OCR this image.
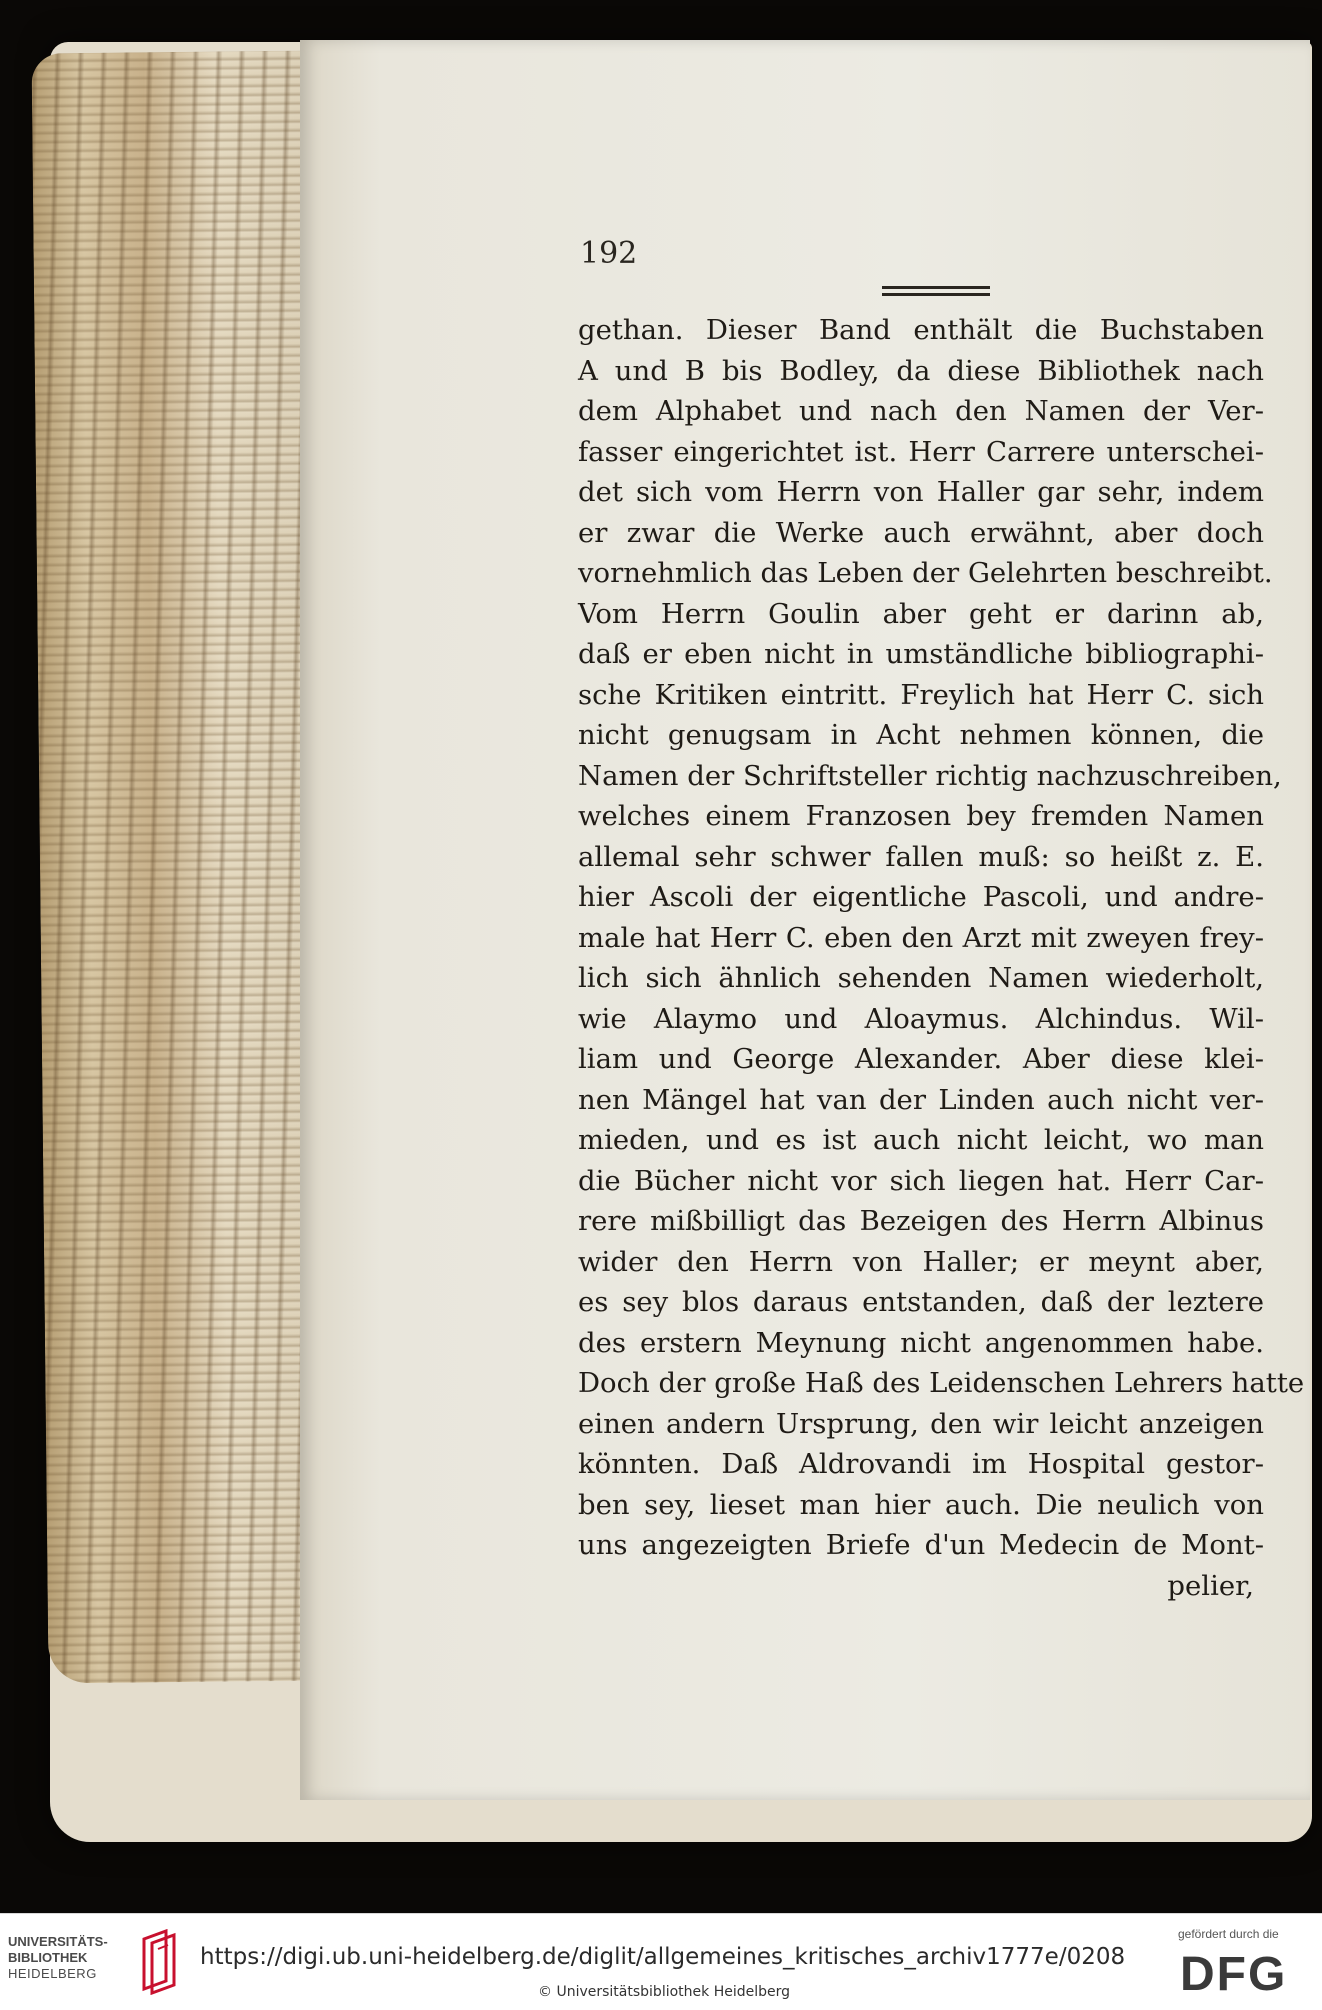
192
gethan. Dieser Band enthält die Buchstaben
A und B bis Bodley, da diese Bibliothek nach
dem Alphabet und nach den Namen der Ver-
fasser eingerichtet ist. Herr Carrere unterschei-
det sich vom Herrn von Haller gar sehr, indem
er zwar die Werke auch erwähnt, aber doch
vornehmlich das Leben der Gelehrten beschreibt.
Vom Herrn Goulin aber geht er darinn ab,
daß er eben nicht in umständliche bibliographi-
sche Kritiken eintritt. Freylich hat Herr C. sich
nicht genugsam in Acht nehmen können, die
Namen der Schriftsteller richtig nachzuschreiben,
welches einem Franzosen bey fremden Namen
allemal sehr schwer fallen muß: so heißt z. E.
hier Ascoli der eigentliche Pascoli, und andre-
male hat Herr C. eben den Arzt mit zweyen frey-
lich sich ähnlich sehenden Namen wiederholt,
wie Alaymo und Aloaymus. Alchindus. Wil-
liam und George Alexander. Aber diese klei-
nen Mängel hat van der Linden auch nicht ver-
mieden, und es ist auch nicht leicht, wo man
die Bücher nicht vor sich liegen hat. Herr Car-
rere mißbilligt das Bezeigen des Herrn Albinus
wider den Herrn von Haller; er meynt aber,
es sey blos daraus entstanden, daß der leztere
des erstern Meynung nicht angenommen habe.
Doch der große Haß des Leidenschen Lehrers hatte
einen andern Ursprung, den wir leicht anzeigen
könnten. Daß Aldrovandi im Hospital gestor-
ben sey, lieset man hier auch. Die neulich von
uns angezeigten Briefe d'un Medecin de Mont-
pelier,
UNIVERSITÄTS-
BIBLIOTHEK
HEIDELBERG

https://digi.ub.uni-heidelberg.de/diglit/allgemeines_kritisches_archiv1777e/0208

© Universitätsbibliothek Heidelberg

gefördert durch die

DFG
